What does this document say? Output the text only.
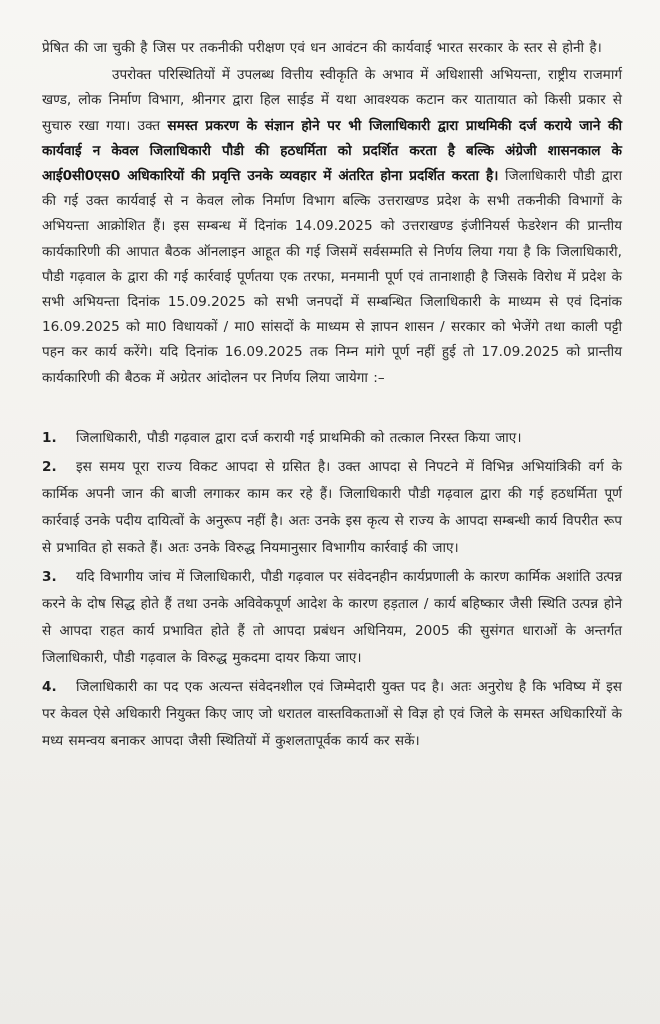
प्रेषित की जा चुकी है जिस पर तकनीकी परीक्षण एवं धन आवंटन की कार्यवाई भारत सरकार के स्तर से होनी है।

उपरोक्त परिस्थितियों में उपलब्ध वित्तीय स्वीकृति के अभाव में अधिशासी अभियन्ता, राष्ट्रीय राजमार्ग खण्ड, लोक निर्माण विभाग, श्रीनगर द्वारा हिल साईड में यथा आवश्यक कटान कर यातायात को किसी प्रकार से सुचारु रखा गया। उक्त समस्त प्रकरण के संज्ञान होने पर भी जिलाधिकारी द्वारा प्राथमिकी दर्ज कराये जाने की कार्यवाई न केवल जिलाधिकारी पौडी की हठधर्मिता को प्रदर्शित करता है बल्कि अंग्रेजी शासनकाल के आई0सी0एस0 अधिकारियों की प्रवृत्ति उनके व्यवहार में अंतरित होना प्रदर्शित करता है। जिलाधिकारी पौडी द्वारा की गई उक्त कार्यवाई से न केवल लोक निर्माण विभाग बल्कि उत्तराखण्ड प्रदेश के सभी तकनीकी विभागों के अभियन्ता आक्रोशित हैं। इस सम्बन्ध में दिनांक 14.09.2025 को उत्तराखण्ड इंजीनियर्स फेडरेशन की प्रान्तीय कार्यकारिणी की आपात बैठक ऑनलाइन आहूत की गई जिसमें सर्वसम्मति से निर्णय लिया गया है कि जिलाधिकारी, पौडी गढ़वाल के द्वारा की गई कार्रवाई पूर्णतया एक तरफा, मनमानी पूर्ण एवं तानाशाही है जिसके विरोध में प्रदेश के सभी अभियन्ता दिनांक 15.09.2025 को सभी जनपदों में सम्बन्धित जिलाधिकारी के माध्यम से एवं दिनांक 16.09.2025 को मा0 विधायकों / मा0 सांसदों के माध्यम से ज्ञापन शासन / सरकार को भेजेंगे तथा काली पट्टी पहन कर कार्य करेंगे। यदि दिनांक 16.09.2025 तक निम्न मांगे पूर्ण नहीं हुई तो 17.09.2025 को प्रान्तीय कार्यकारिणी की बैठक में अग्रेतर आंदोलन पर निर्णय लिया जायेगा :–

1. जिलाधिकारी, पौडी गढ़वाल द्वारा दर्ज करायी गई प्राथमिकी को तत्काल निरस्त किया जाए।
2. इस समय पूरा राज्य विकट आपदा से ग्रसित है। उक्त आपदा से निपटने में विभिन्न अभियांत्रिकी वर्ग के कार्मिक अपनी जान की बाजी लगाकर काम कर रहे हैं। जिलाधिकारी पौडी गढ़वाल द्वारा की गई हठधर्मिता पूर्ण कार्रवाई उनके पदीय दायित्वों के अनुरूप नहीं है। अतः उनके इस कृत्य से राज्य के आपदा सम्बन्धी कार्य विपरीत रूप से प्रभावित हो सकते हैं। अतः उनके विरुद्ध नियमानुसार विभागीय कार्रवाई की जाए।
3. यदि विभागीय जांच में जिलाधिकारी, पौडी गढ़वाल पर संवेदनहीन कार्यप्रणाली के कारण कार्मिक अशांति उत्पन्न करने के दोष सिद्ध होते हैं तथा उनके अविवेकपूर्ण आदेश के कारण हड़ताल / कार्य बहिष्कार जैसी स्थिति उत्पन्न होने से आपदा राहत कार्य प्रभावित होते हैं तो आपदा प्रबंधन अधिनियम, 2005 की सुसंगत धाराओं के अन्तर्गत जिलाधिकारी, पौडी गढ़वाल के विरुद्ध मुकदमा दायर किया जाए।
4. जिलाधिकारी का पद एक अत्यन्त संवेदनशील एवं जिम्मेदारी युक्त पद है। अतः अनुरोध है कि भविष्य में इस पर केवल ऐसे अधिकारी नियुक्त किए जाए जो धरातल वास्तविकताओं से विज्ञ हो एवं जिले के समस्त अधिकारियों के मध्य समन्वय बनाकर आपदा जैसी स्थितियों में कुशलतापूर्वक कार्य कर सकें।
